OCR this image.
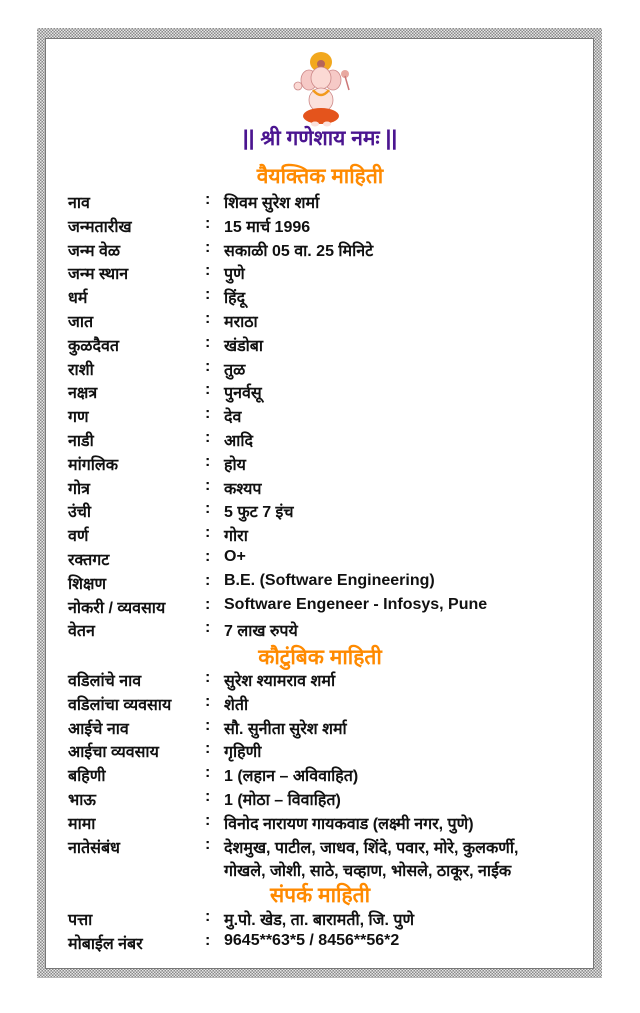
|| श्री गणेशाय नमः ||
वैयक्तिक माहिती
नाव	: शिवम सुरेश शर्मा
जन्मतारीख	: 15 मार्च 1996
जन्म वेळ	: सकाळी 05 वा. 25 मिनिटे
जन्म स्थान	: पुणे
धर्म	: हिंदू
जात	: मराठा
कुळदैवत	: खंडोबा
राशी	: तुळ
नक्षत्र	: पुनर्वसू
गण	: देव
नाडी	: आदि
मांगलिक	: होय
गोत्र	: कश्यप
उंची	: 5 फुट 7 इंच
वर्ण	: गोरा
रक्तगट	: O+
शिक्षण	: B.E. (Software Engineering)
नोकरी / व्यवसाय : Software Engeneer - Infosys, Pune
वेतन	: 7 लाख रुपये
कौटुंबिक माहिती
वडिलांचे नाव	: सुरेश श्यामराव शर्मा
वडिलांचा व्यवसाय : शेती
आईचे नाव	: सौ. सुनीता सुरेश शर्मा
आईचा व्यवसाय	: गृहिणी
बहिणी	: 1 (लहान – अविवाहित)
भाऊ	: 1 (मोठा – विवाहित)
मामा	: विनोद नारायण गायकवाड (लक्ष्मी नगर, पुणे)
नातेसंबंध	: देशमुख, पाटील, जाधव, शिंदे, पवार, मोरे, कुलकर्णी,
गोखले, जोशी, साठे, चव्हाण, भोसले, ठाकूर, नाईक
संपर्क माहिती
पत्ता	: मु.पो. खेड, ता. बारामती, जि. पुणे
मोबाईल नंबर	: 9645**63*5 / 8456**56*2
